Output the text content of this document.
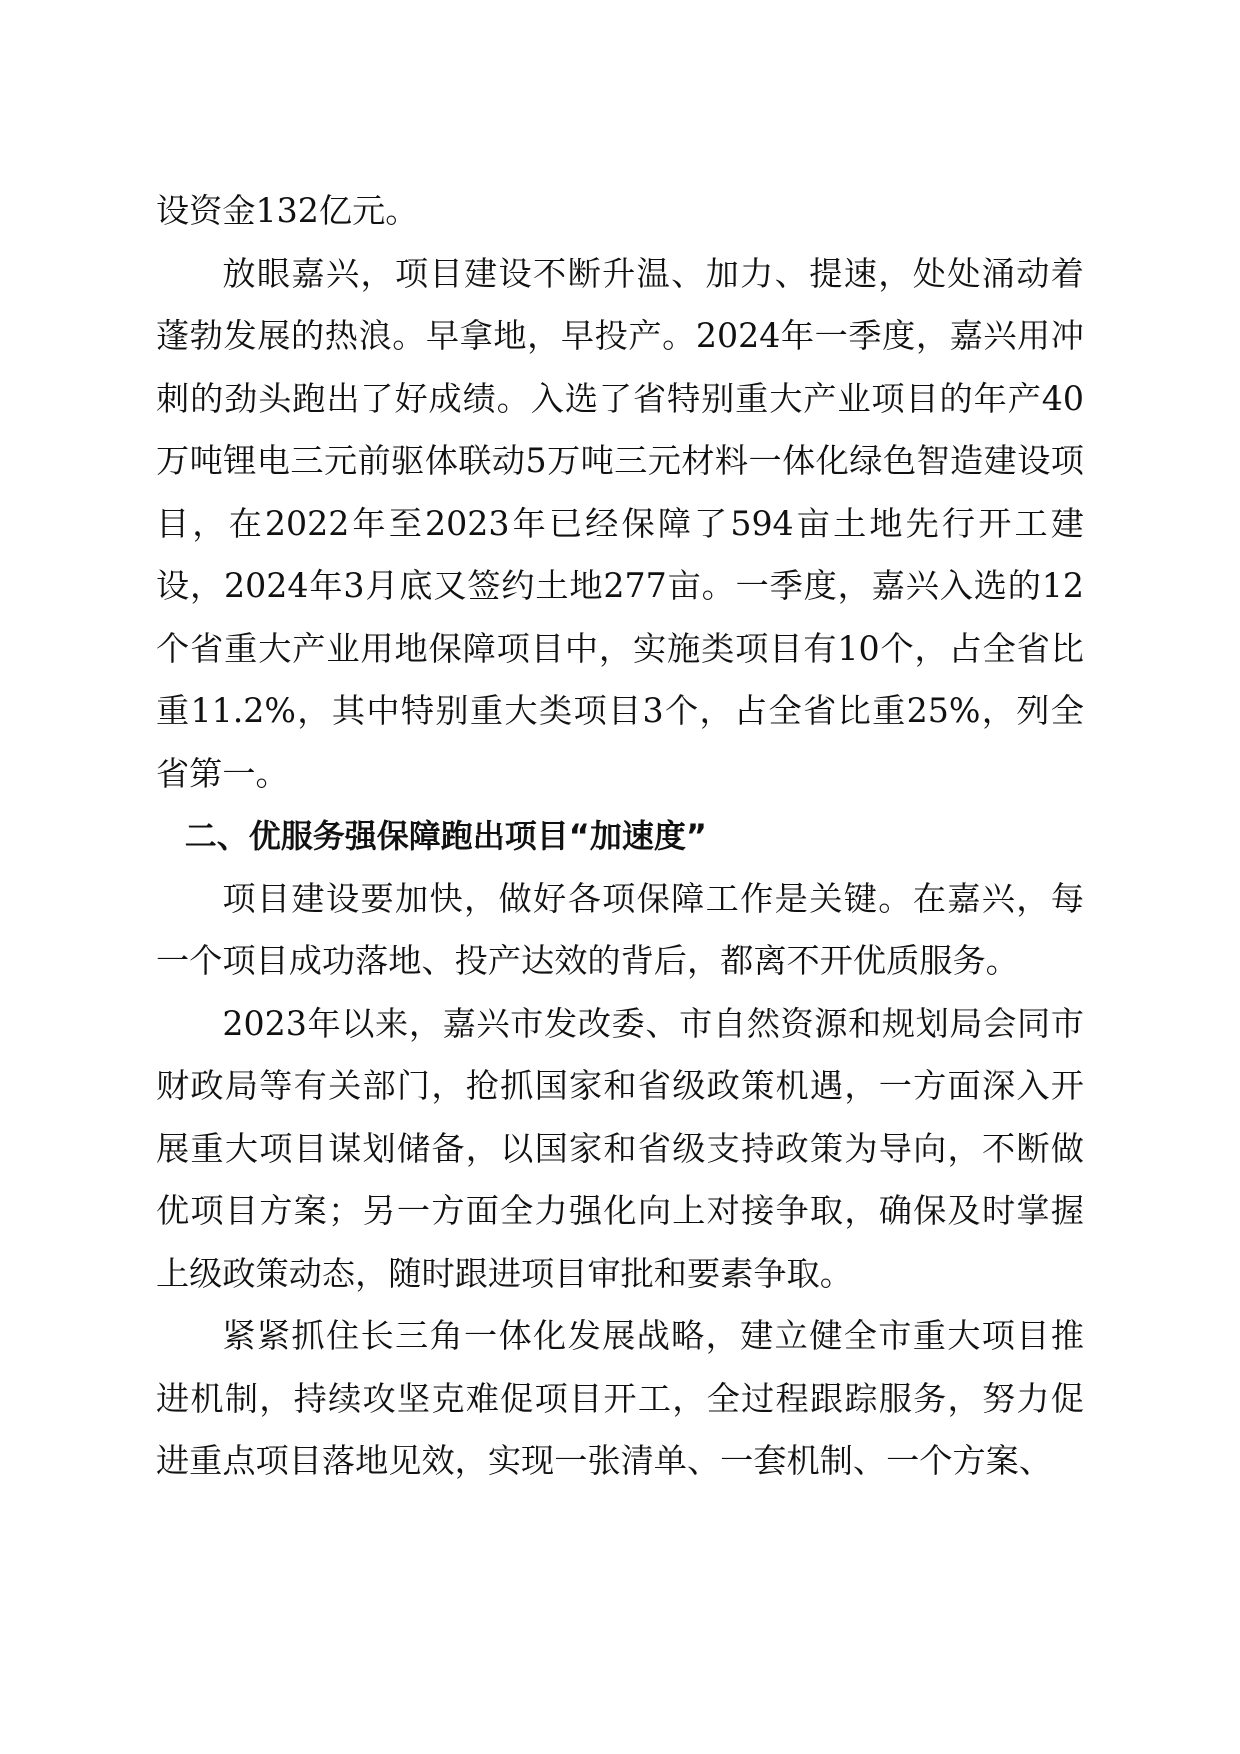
设资金132亿元。

放眼嘉兴，项目建设不断升温、加力、提速，处处涌动着蓬勃发展的热浪。早拿地，早投产。2024年一季度，嘉兴用冲刺的劲头跑出了好成绩。入选了省特别重大产业项目的年产40万吨锂电三元前驱体联动5万吨三元材料一体化绿色智造建设项目，在2022年至2023年已经保障了594亩土地先行开工建设，2024年3月底又签约土地277亩。一季度，嘉兴入选的12个省重大产业用地保障项目中，实施类项目有10个，占全省比重11.2%，其中特别重大类项目3个，占全省比重25%，列全省第一。

二、优服务强保障跑出项目“加速度”

项目建设要加快，做好各项保障工作是关键。在嘉兴，每一个项目成功落地、投产达效的背后，都离不开优质服务。

2023年以来，嘉兴市发改委、市自然资源和规划局会同市财政局等有关部门，抢抓国家和省级政策机遇，一方面深入开展重大项目谋划储备，以国家和省级支持政策为导向，不断做优项目方案；另一方面全力强化向上对接争取，确保及时掌握上级政策动态，随时跟进项目审批和要素争取。

紧紧抓住长三角一体化发展战略，建立健全市重大项目推进机制，持续攻坚克难促项目开工，全过程跟踪服务，努力促进重点项目落地见效，实现一张清单、一套机制、一个方案、
